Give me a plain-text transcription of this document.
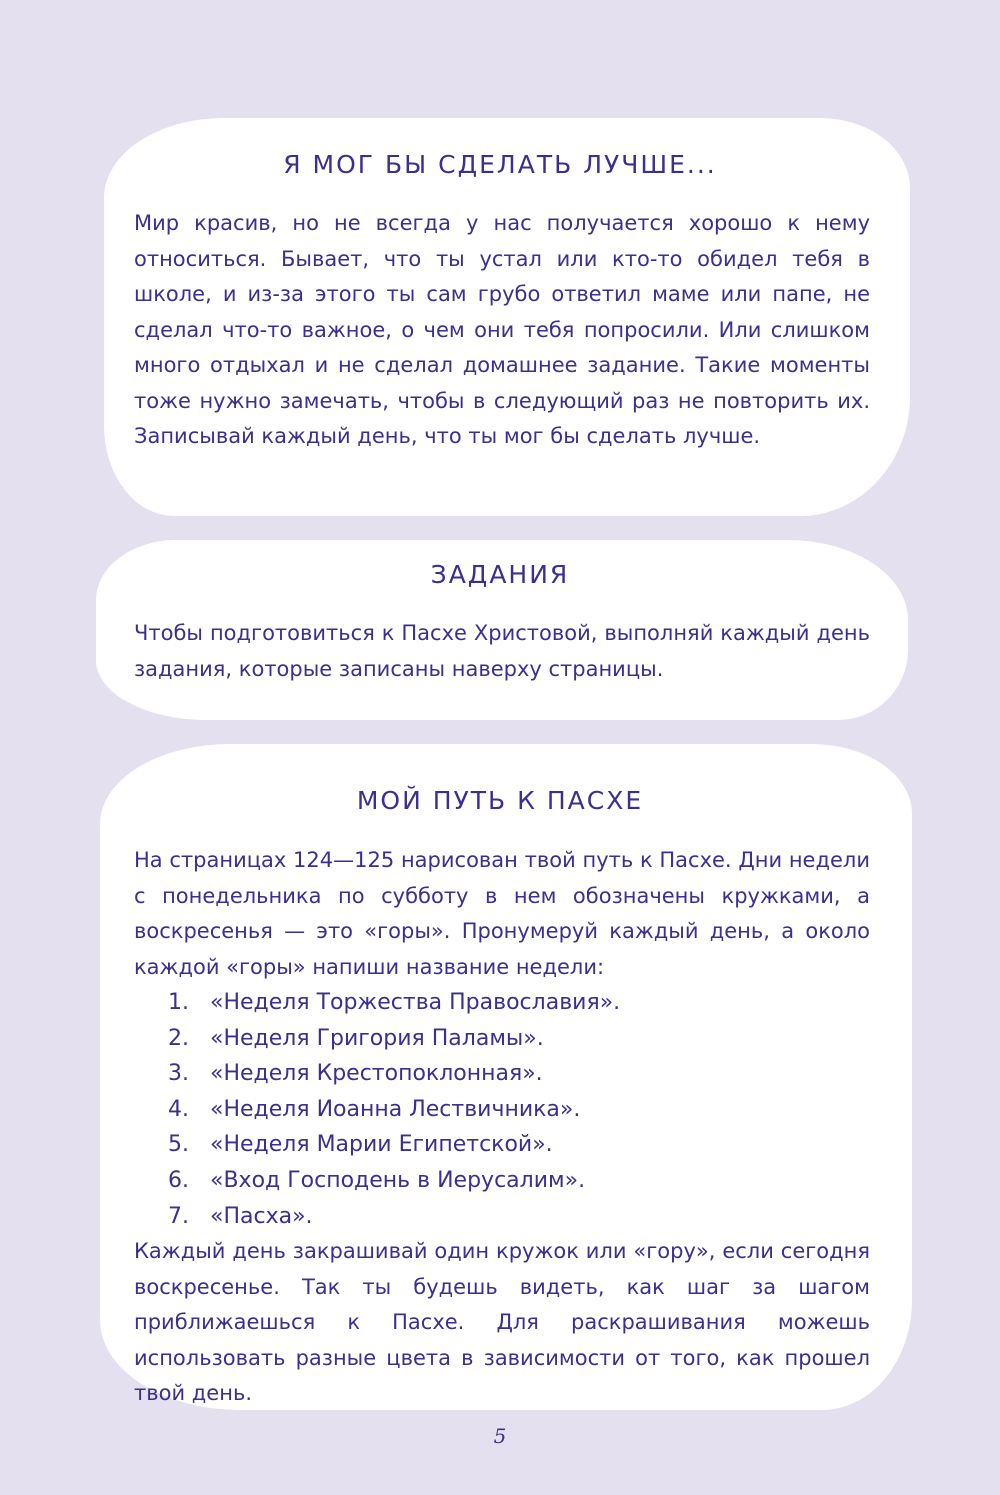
Я МОГ БЫ СДЕЛАТЬ ЛУЧШЕ...

Мир красив, но не всегда у нас получается хорошо к нему относиться. Бывает, что ты устал или кто-то обидел тебя в школе, и из-за этого ты сам грубо ответил маме или папе, не сделал что-то важное, о чем они тебя попросили. Или слишком много отдыхал и не сделал домашнее задание. Такие моменты тоже нужно замечать, чтобы в следующий раз не повторить их. Записывай каждый день, что ты мог бы сделать лучше.

ЗАДАНИЯ

Чтобы подготовиться к Пасхе Христовой, выполняй каждый день задания, которые записаны наверху страницы.

МОЙ ПУТЬ К ПАСХЕ

На страницах 124—125 нарисован твой путь к Пасхе. Дни недели с понедельника по субботу в нем обозначены кружками, а воскресенья — это «горы». Пронумеруй каждый день, а около каждой «горы» напиши название недели:

1. «Неделя Торжества Православия».
2. «Неделя Григория Паламы».
3. «Неделя Крестопоклонная».
4. «Неделя Иоанна Лествичника».
5. «Неделя Марии Египетской».
6. «Вход Господень в Иерусалим».
7. «Пасха».

Каждый день закрашивай один кружок или «гору», если сегодня воскресенье. Так ты будешь видеть, как шаг за шагом приближаешься к Пасхе. Для раскрашивания можешь использовать разные цвета в зависимости от того, как прошел твой день.

5
